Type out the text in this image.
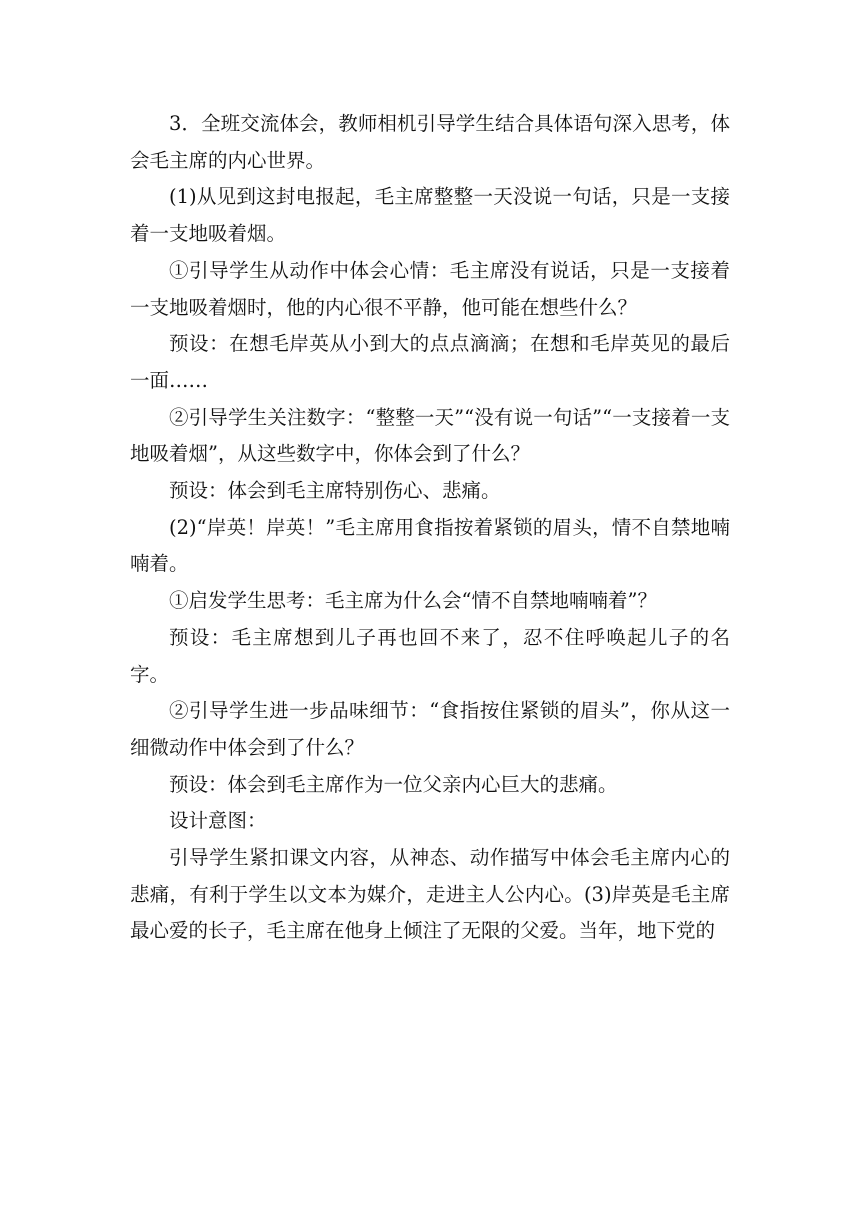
3．全班交流体会，教师相机引导学生结合具体语句深入思考，体会毛主席的内心世界。

(1)从见到这封电报起，毛主席整整一天没说一句话，只是一支接着一支地吸着烟。

①引导学生从动作中体会心情：毛主席没有说话，只是一支接着一支地吸着烟时，他的内心很不平静，他可能在想些什么？

预设：在想毛岸英从小到大的点点滴滴；在想和毛岸英见的最后一面……

②引导学生关注数字：“整整一天”“没有说一句话”“一支接着一支地吸着烟”，从这些数字中，你体会到了什么？

预设：体会到毛主席特别伤心、悲痛。

(2)“岸英！岸英！”毛主席用食指按着紧锁的眉头，情不自禁地喃喃着。

①启发学生思考：毛主席为什么会“情不自禁地喃喃着”？

预设：毛主席想到儿子再也回不来了，忍不住呼唤起儿子的名字。

②引导学生进一步品味细节：“食指按住紧锁的眉头”，你从这一细微动作中体会到了什么？

预设：体会到毛主席作为一位父亲内心巨大的悲痛。

设计意图：

引导学生紧扣课文内容，从神态、动作描写中体会毛主席内心的悲痛，有利于学生以文本为媒介，走进主人公内心。(3)岸英是毛主席最心爱的长子，毛主席在他身上倾注了无限的父爱。当年，地下党的
